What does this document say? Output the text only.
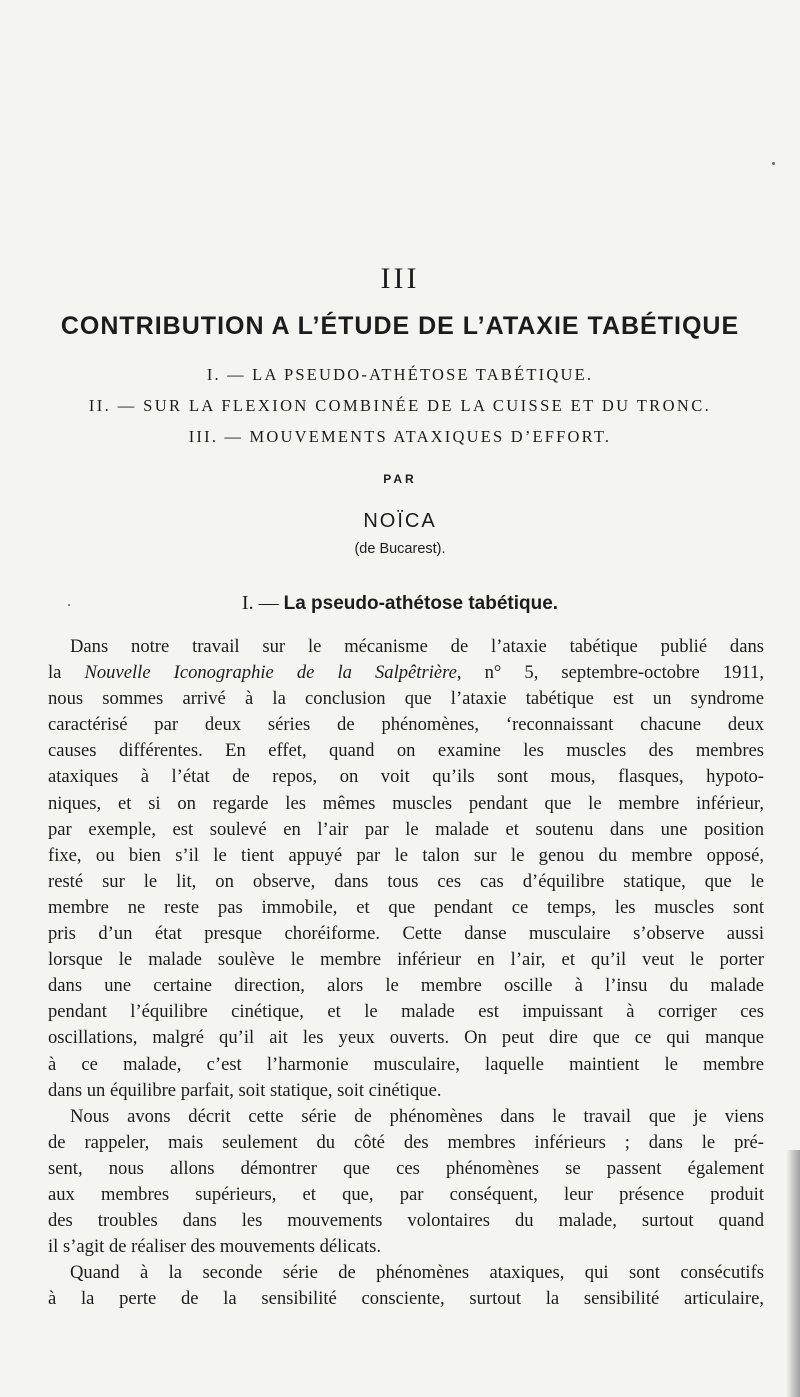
III
CONTRIBUTION A L’ÉTUDE DE L’ATAXIE TABÉTIQUE
I. — LA PSEUDO-ATHÉTOSE TABÉTIQUE.
II. — SUR LA FLEXION COMBINÉE DE LA CUISSE ET DU TRONC.
III. — MOUVEMENTS ATAXIQUES D’EFFORT.
PAR
NOÏCA
(de Bucarest).
I. — La pseudo-athétose tabétique.
Dans notre travail sur le mécanisme de l’ataxie tabétique publié dans
la Nouvelle Iconographie de la Salpêtrière, n° 5, septembre-octobre 1911,
nous sommes arrivé à la conclusion que l’ataxie tabétique est un syndrome
caractérisé par deux séries de phénomènes, ‘reconnaissant chacune deux
causes différentes. En effet, quand on examine les muscles des membres
ataxiques à l’état de repos, on voit qu’ils sont mous, flasques, hypoto-
niques, et si on regarde les mêmes muscles pendant que le membre inférieur,
par exemple, est soulevé en l’air par le malade et soutenu dans une position
fixe, ou bien s’il le tient appuyé par le talon sur le genou du membre opposé,
resté sur le lit, on observe, dans tous ces cas d’équilibre statique, que le
membre ne reste pas immobile, et que pendant ce temps, les muscles sont
pris d’un état presque choréiforme. Cette danse musculaire s’observe aussi
lorsque le malade soulève le membre inférieur en l’air, et qu’il veut le porter
dans une certaine direction, alors le membre oscille à l’insu du malade
pendant l’équilibre cinétique, et le malade est impuissant à corriger ces
oscillations, malgré qu’il ait les yeux ouverts. On peut dire que ce qui manque
à ce malade, c’est l’harmonie musculaire, laquelle maintient le membre
dans un équilibre parfait, soit statique, soit cinétique.
Nous avons décrit cette série de phénomènes dans le travail que je viens
de rappeler, mais seulement du côté des membres inférieurs ; dans le pré-
sent, nous allons démontrer que ces phénomènes se passent également
aux membres supérieurs, et que, par conséquent, leur présence produit
des troubles dans les mouvements volontaires du malade, surtout quand
il s’agit de réaliser des mouvements délicats.
Quand à la seconde série de phénomènes ataxiques, qui sont consécutifs
à la perte de la sensibilité consciente, surtout la sensibilité articulaire,
